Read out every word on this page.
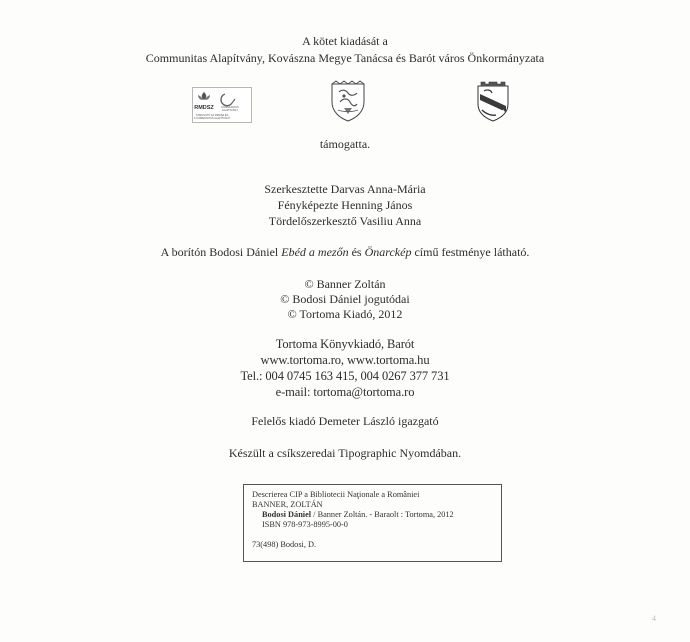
A kötet kiadását a
Communitas Alapítvány, Kovászna Megye Tanácsa és Barót város Önkormányzata
RMDSZ	COMMUNITAS
ALAPÍTVÁNY
TÁMOGATÓ AZ RMDSZ ÉS
A COMMUNITAS ALAPÍTVÁNY
támogatta.
Szerkesztette Darvas Anna-Mária
Fényképezte Henning János
Tördelőszerkesztő Vasiliu Anna
A borítón Bodosi Dániel Ebéd a mezőn és Önarckép című festménye látható.
© Banner Zoltán
© Bodosi Dániel jogutódai
© Tortoma Kiadó, 2012
Tortoma Könyvkiadó, Barót
www.tortoma.ro, www.tortoma.hu
Tel.: 004 0745 163 415, 004 0267 377 731
e-mail: tortoma@tortoma.ro
Felelős kiadó Demeter László igazgató
Készült a csíkszeredai Tipographic Nyomdában.
Descrierea CIP a Bibliotecii Naţionale a României
BANNER, ZOLTÁN
Bodosi Dániel / Banner Zoltán. - Baraolt : Tortoma, 2012
ISBN 978-973-8995-00-0
73(498) Bodosi, D.
4
